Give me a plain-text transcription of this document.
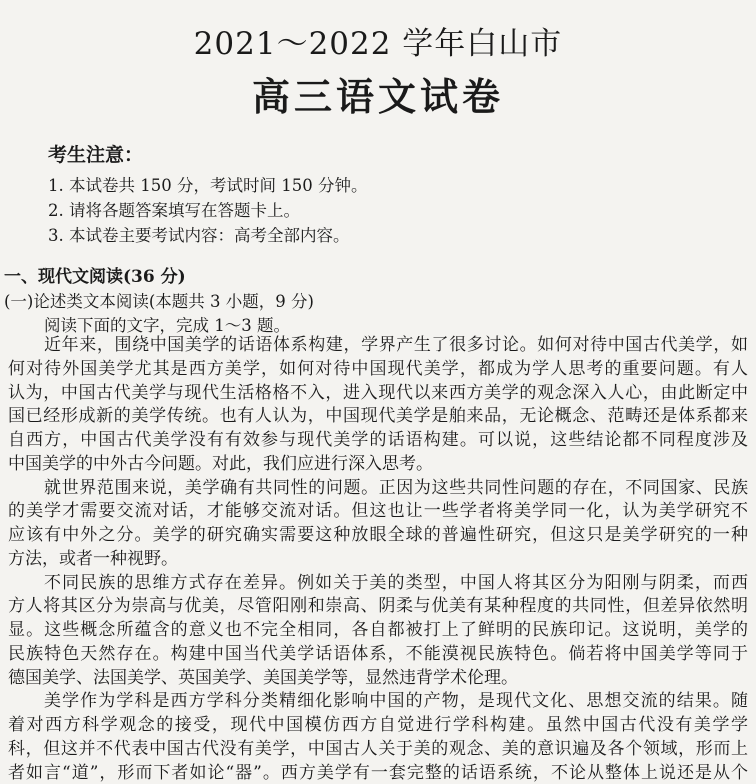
2021～2022 学年白山市
高三语文试卷
考生注意：
1. 本试卷共 150 分，考试时间 150 分钟。
2. 请将各题答案填写在答题卡上。
3. 本试卷主要考试内容：高考全部内容。
一、现代文阅读(36 分)
(一)论述类文本阅读(本题共 3 小题，9 分)
阅读下面的文字，完成 1～3 题。
近年来，围绕中国美学的话语体系构建，学界产生了很多讨论。如何对待中国古代美学，如
何对待外国美学尤其是西方美学，如何对待中国现代美学，都成为学人思考的重要问题。有人
认为，中国古代美学与现代生活格格不入，进入现代以来西方美学的观念深入人心，由此断定中
国已经形成新的美学传统。也有人认为，中国现代美学是舶来品，无论概念、范畴还是体系都来
自西方，中国古代美学没有有效参与现代美学的话语构建。可以说，这些结论都不同程度涉及
中国美学的中外古今问题。对此，我们应进行深入思考。
就世界范围来说，美学确有共同性的问题。正因为这些共同性问题的存在，不同国家、民族
的美学才需要交流对话，才能够交流对话。但这也让一些学者将美学同一化，认为美学研究不
应该有中外之分。美学的研究确实需要这种放眼全球的普遍性研究，但这只是美学研究的一种
方法，或者一种视野。
不同民族的思维方式存在差异。例如关于美的类型，中国人将其区分为阳刚与阴柔，而西
方人将其区分为崇高与优美，尽管阳刚和崇高、阴柔与优美有某种程度的共同性，但差异依然明
显。这些概念所蕴含的意义也不完全相同，各自都被打上了鲜明的民族印记。这说明，美学的
民族特色天然存在。构建中国当代美学话语体系，不能漠视民族特色。倘若将中国美学等同于
德国美学、法国美学、英国美学、美国美学等，显然违背学术伦理。
美学作为学科是西方学科分类精细化影响中国的产物，是现代文化、思想交流的结果。随
着对西方科学观念的接受，现代中国模仿西方自觉进行学科构建。虽然中国古代没有美学学
科，但这并不代表中国古代没有美学，中国古人关于美的观念、美的意识遍及各个领域，形而上
者如言“道”，形而下者如论“器”。西方美学有一套完整的话语系统，不论从整体上说还是从个
